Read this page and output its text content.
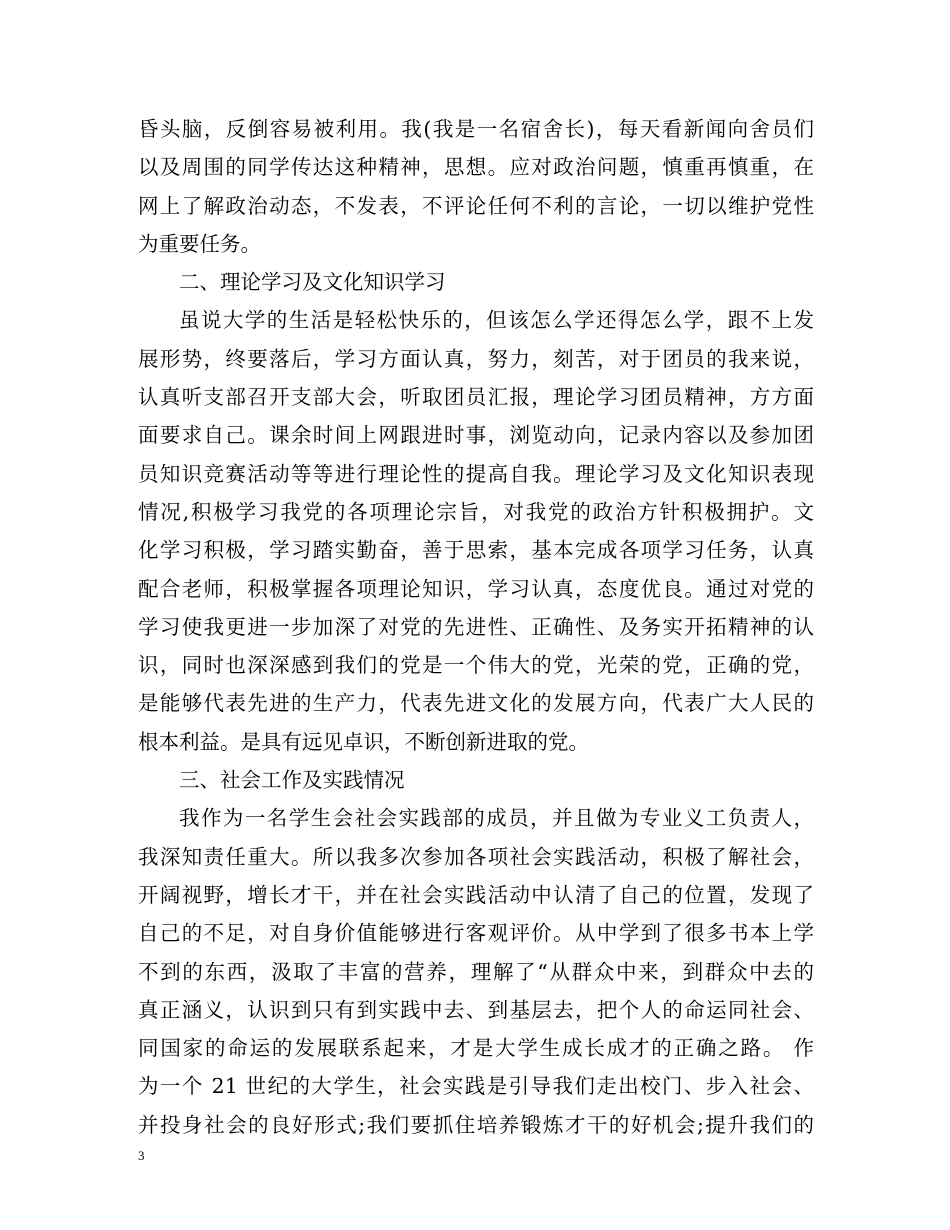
昏头脑，反倒容易被利用。我(我是一名宿舍长)，每天看新闻向舍员们
以及周围的同学传达这种精神，思想。应对政治问题，慎重再慎重，在
网上了解政治动态，不发表，不评论任何不利的言论，一切以维护党性
为重要任务。
二、理论学习及文化知识学习
虽说大学的生活是轻松快乐的，但该怎么学还得怎么学，跟不上发
展形势，终要落后，学习方面认真，努力，刻苦，对于团员的我来说，
认真听支部召开支部大会，听取团员汇报，理论学习团员精神，方方面
面要求自己。课余时间上网跟进时事，浏览动向，记录内容以及参加团
员知识竞赛活动等等进行理论性的提高自我。理论学习及文化知识表现
情况,积极学习我党的各项理论宗旨，对我党的政治方针积极拥护。文
化学习积极，学习踏实勤奋，善于思索，基本完成各项学习任务，认真
配合老师，积极掌握各项理论知识，学习认真，态度优良。通过对党的
学习使我更进一步加深了对党的先进性、正确性、及务实开拓精神的认
识，同时也深深感到我们的党是一个伟大的党，光荣的党，正确的党，
是能够代表先进的生产力，代表先进文化的发展方向，代表广大人民的
根本利益。是具有远见卓识，不断创新进取的党。
三、社会工作及实践情况
我作为一名学生会社会实践部的成员，并且做为专业义工负责人，
我深知责任重大。所以我多次参加各项社会实践活动，积极了解社会，
开阔视野，增长才干，并在社会实践活动中认清了自己的位置，发现了
自己的不足，对自身价值能够进行客观评价。从中学到了很多书本上学
不到的东西，汲取了丰富的营养，理解了“从群众中来，到群众中去的
真正涵义，认识到只有到实践中去、到基层去，把个人的命运同社会、
同国家的命运的发展联系起来，才是大学生成长成才的正确之路。 作
为一个 21 世纪的大学生，社会实践是引导我们走出校门、步入社会、
并投身社会的良好形式;我们要抓住培养锻炼才干的好机会;提升我们的
3
